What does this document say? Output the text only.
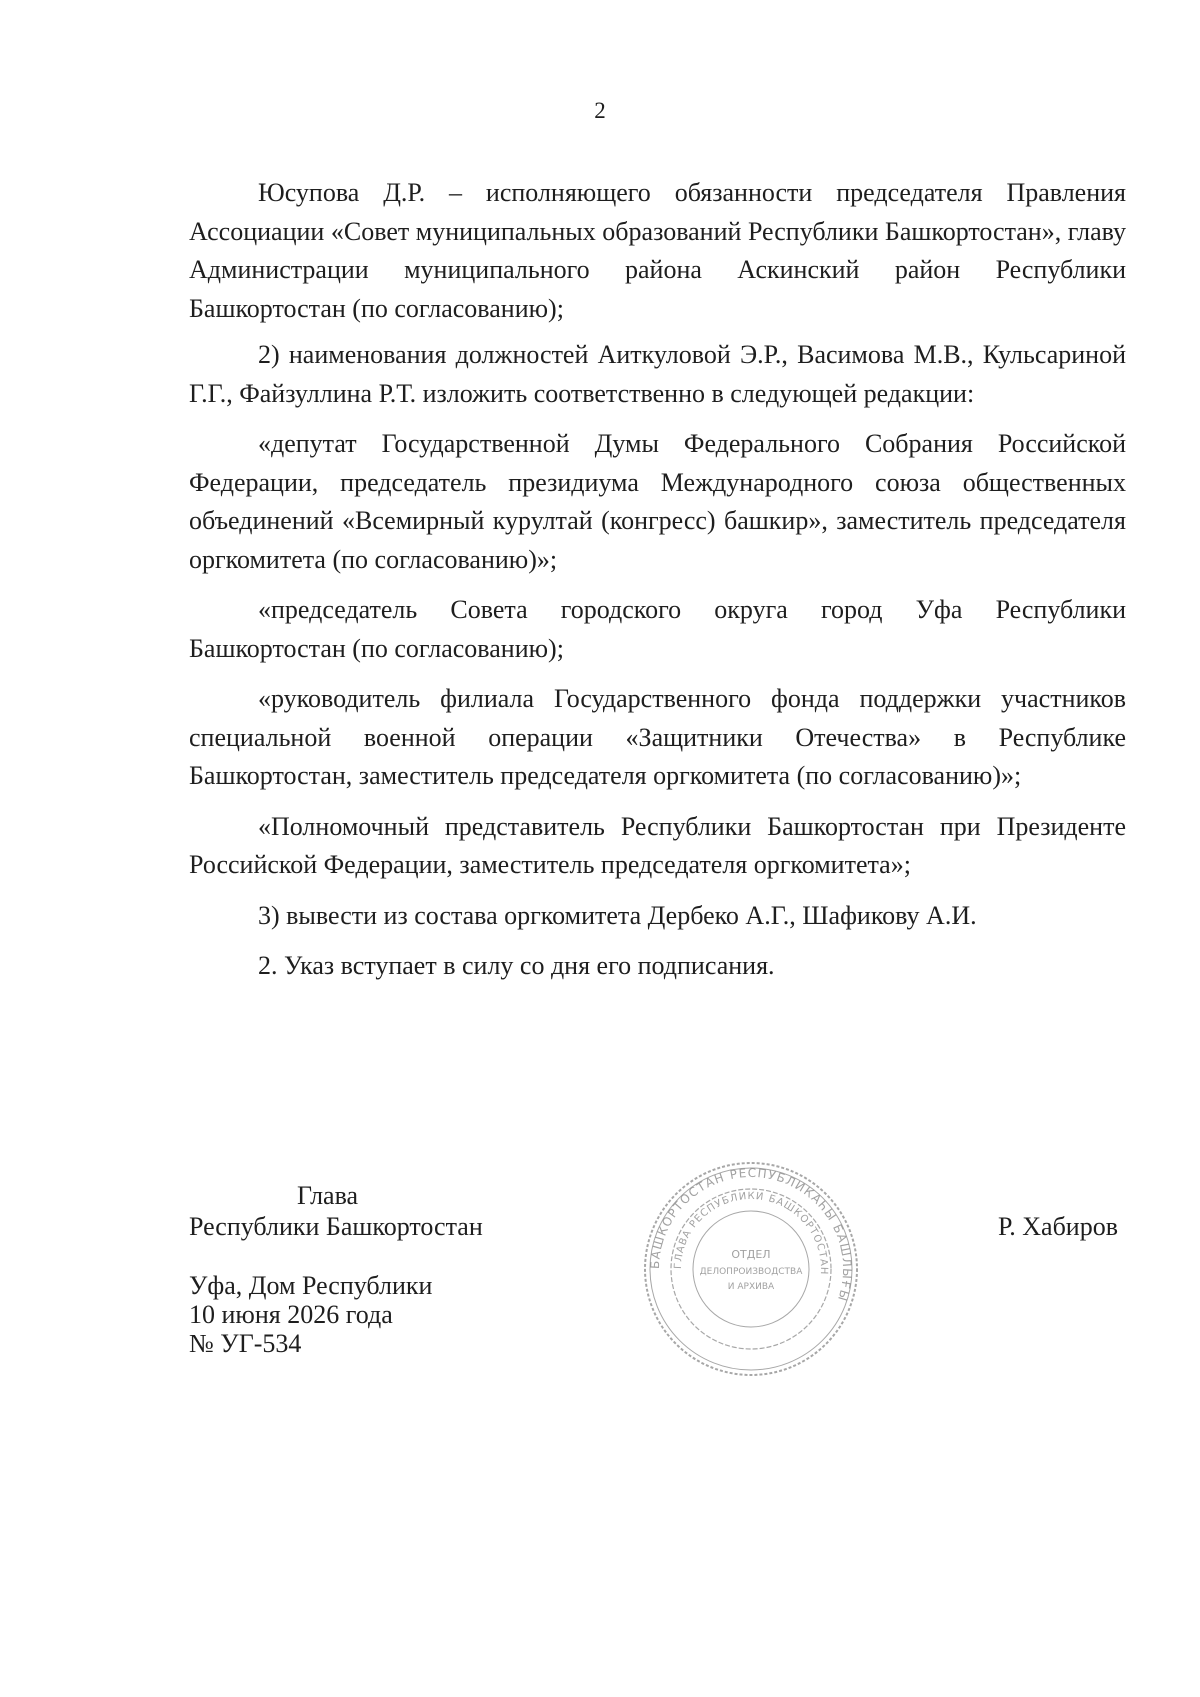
2

Юсупова Д.Р. – исполняющего обязанности председателя Правления Ассоциации «Совет муниципальных образований Республики Башкортостан», главу Администрации муниципального района Аскинский район Республики Башкортостан (по согласованию);

2) наименования должностей Аиткуловой Э.Р., Васимова М.В., Кульсариной Г.Г., Файзуллина Р.Т. изложить соответственно в следующей редакции:

«депутат Государственной Думы Федерального Собрания Российской Федерации, председатель президиума Международного союза общественных объединений «Всемирный курултай (конгресс) башкир», заместитель председателя оргкомитета (по согласованию)»;

«председатель Совета городского округа город Уфа Республики Башкортостан (по согласованию);

«руководитель филиала Государственного фонда поддержки участников специальной военной операции «Защитники Отечества» в Республике Башкортостан, заместитель председателя оргкомитета (по согласованию)»;

«Полномочный представитель Республики Башкортостан при Президенте Российской Федерации, заместитель председателя оргкомитета»;

3) вывести из состава оргкомитета Дербеко А.Г., Шафикову А.И.

2. Указ вступает в силу со дня его подписания.

Глава
Республики Башкортостан	Р. Хабиров
Уфа, Дом Республики
10 июня 2026 года
№ УГ-534
БАШКОРТОСТАН РЕСПУБЛИКАҺЫ БАШЛЫҒЫ
ГЛАВА РЕСПУБЛИКИ БАШКОРТОСТАН
ОТДЕЛ
ДЕЛОПРОИЗВОДСТВА
И АРХИВА
